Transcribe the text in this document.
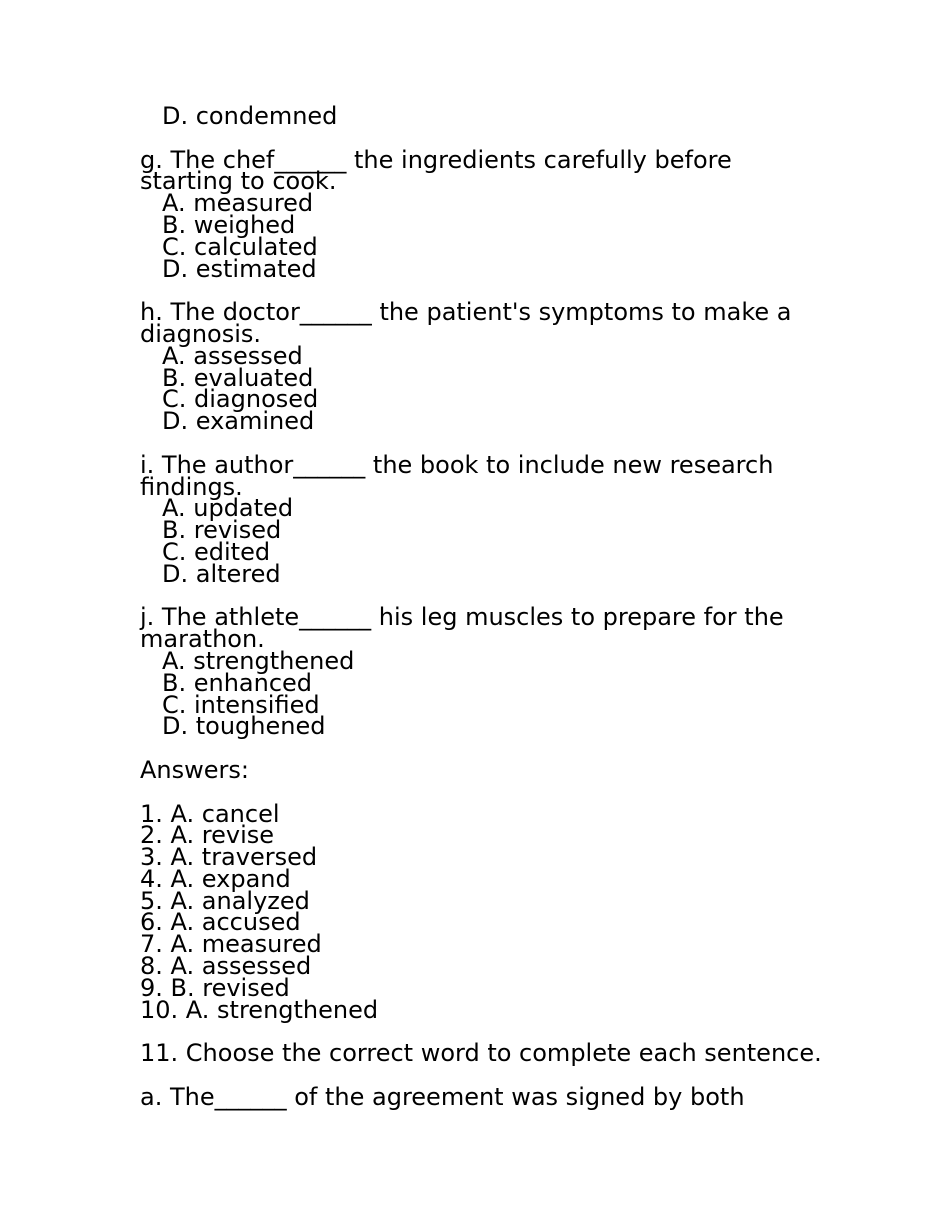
D. condemned
g. The chef______ the ingredients carefully before
starting to cook.
A. measured
B. weighed
C. calculated
D. estimated
h. The doctor______ the patient's symptoms to make a
diagnosis.
A. assessed
B. evaluated
C. diagnosed
D. examined
i. The author______ the book to include new research
findings.
A. updated
B. revised
C. edited
D. altered
j. The athlete______ his leg muscles to prepare for the
marathon.
A. strengthened
B. enhanced
C. intensified
D. toughened
Answers:
1. A. cancel
2. A. revise
3. A. traversed
4. A. expand
5. A. analyzed
6. A. accused
7. A. measured
8. A. assessed
9. B. revised
10. A. strengthened
11. Choose the correct word to complete each sentence.
a. The______ of the agreement was signed by both
